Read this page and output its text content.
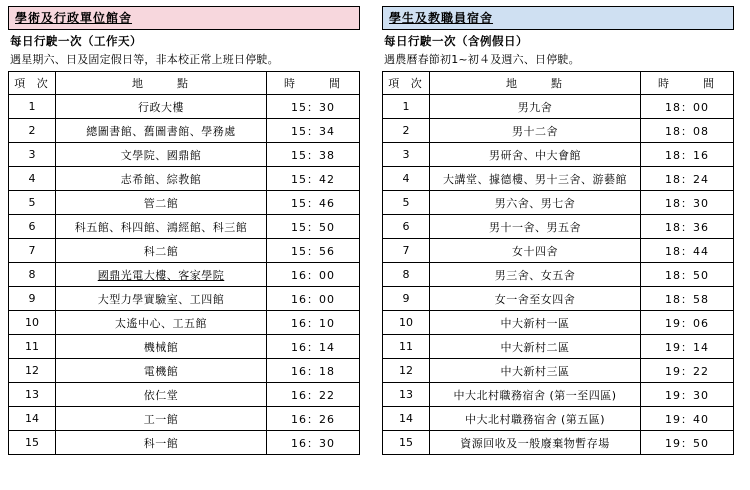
學術及行政單位館舍
每日行駛一次（工作天）
遇星期六、日及固定假日等，非本校正常上班日停駛。
項 次	地　　點	時　　間
1	行政大樓	15：30
2	總圖書館、舊圖書館、學務處	15：34
3	文學院、國鼎館	15：38
4	志希館、綜教館	15：42
5	管二館	15：46
6	科五館、科四館、鴻經館、科三館	15：50
7	科二館	15：56
8	國鼎光電大樓、客家學院	16：00
9	大型力學實驗室、工四館	16：00
10	太遙中心、工五館	16：10
11	機械館	16：14
12	電機館	16：18
13	依仁堂	16：22
14	工一館	16：26
15	科一館	16：30
學生及教職員宿舍
每日行駛一次（含例假日）
遇農曆春節初1~初４及週六、日停駛。
項 次	地　　點	時　　間
1	男九舍	18：00
2	男十二舍	18：08
3	男研舍、中大會館	18：16
4	大講堂、據德樓、男十三舍、游藝館	18：24
5	男六舍、男七舍	18：30
6	男十一舍、男五舍	18：36
7	女十四舍	18：44
8	男三舍、女五舍	18：50
9	女一舍至女四舍	18：58
10	中大新村一區	19：06
11	中大新村二區	19：14
12	中大新村三區	19：22
13	中大北村職務宿舍 (第一至四區)	19：30
14	中大北村職務宿舍 (第五區)	19：40
15	資源回收及一般廢棄物暫存場	19：50
